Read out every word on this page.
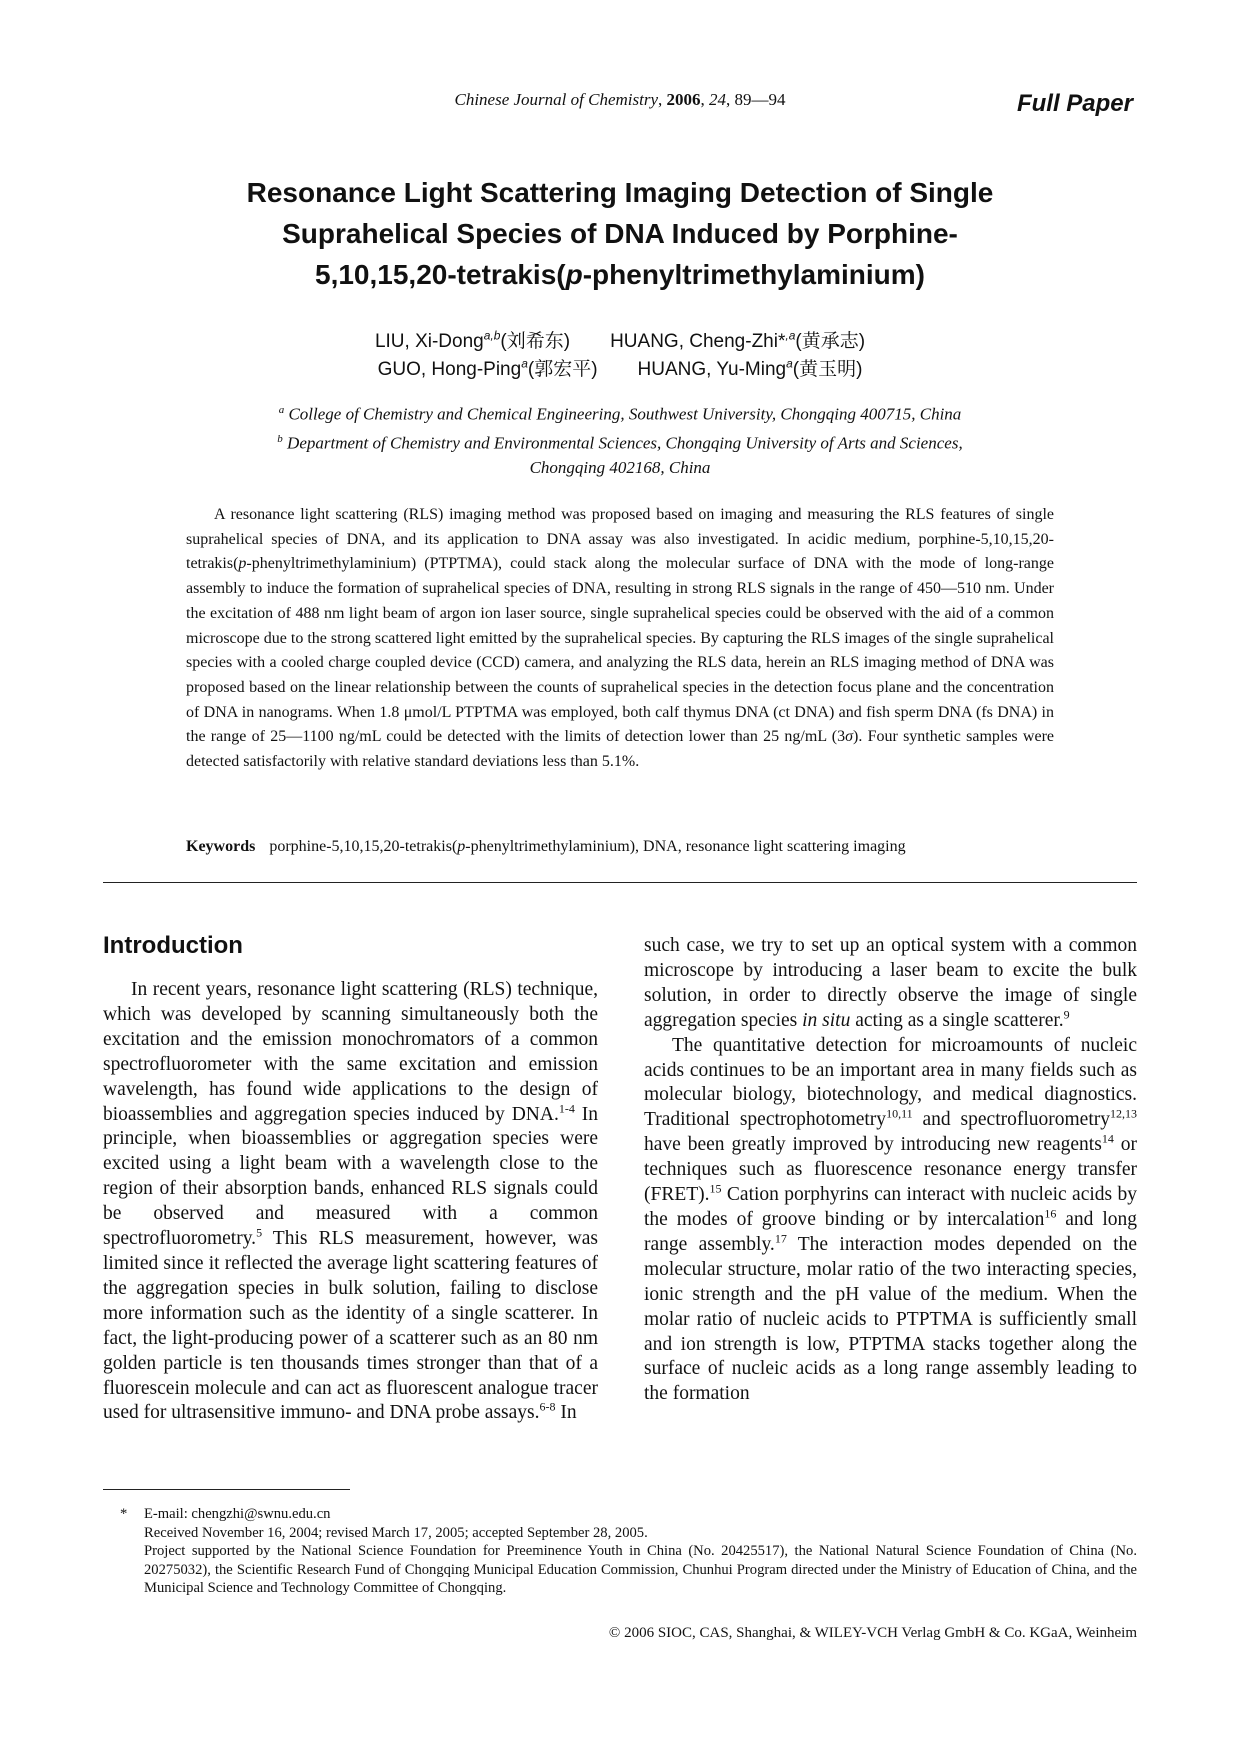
Chinese Journal of Chemistry, 2006, 24, 89—94	Full Paper
Resonance Light Scattering Imaging Detection of Single
Suprahelical Species of DNA Induced by Porphine-
5,10,15,20-tetrakis(p-phenyltrimethylaminium)
LIU, Xi-Dong$^{a,b}$(刘希东) HUANG, Cheng-Zhi*$^{,a}$(黄承志)
GUO, Hong-Ping$^a$(郭宏平) HUANG, Yu-Ming$^a$(黄玉明)
$^a$ College of Chemistry and Chemical Engineering, Southwest University, Chongqing 400715, China
$^b$ Department of Chemistry and Environmental Sciences, Chongqing University of Arts and Sciences,
Chongqing 402168, China
A resonance light scattering (RLS) imaging method was proposed based on imaging and measuring the RLS features of single suprahelical species of DNA, and its application to DNA assay was also investigated. In acidic medium, porphine-5,10,15,20-tetrakis(p-phenyltrimethylaminium) (PTPTMA), could stack along the molecular surface of DNA with the mode of long-range assembly to induce the formation of suprahelical species of DNA, resulting in strong RLS signals in the range of 450—510 nm. Under the excitation of 488 nm light beam of argon ion laser source, single suprahelical species could be observed with the aid of a common microscope due to the strong scattered light emitted by the suprahelical species. By capturing the RLS images of the single suprahelical species with a cooled charge coupled device (CCD) camera, and analyzing the RLS data, herein an RLS imaging method of DNA was proposed based on the linear relationship between the counts of suprahelical species in the detection focus plane and the concentration of DNA in nanograms. When 1.8 μmol/L PTPTMA was employed, both calf thymus DNA (ct DNA) and fish sperm DNA (fs DNA) in the range of 25—1100 ng/mL could be detected with the limits of detection lower than 25 ng/mL (3σ). Four synthetic samples were detected satisfactorily with relative standard deviations less than 5.1%.
Keywords porphine-5,10,15,20-tetrakis(p-phenyltrimethylaminium), DNA, resonance light scattering imaging
Introduction

In recent years, resonance light scattering (RLS) technique, which was developed by scanning simultaneously both the excitation and the emission monochromators of a common spectrofluorometer with the same excitation and emission wavelength, has found wide applications to the design of bioassemblies and aggregation species induced by DNA.$^{1-4}$ In principle, when bioassemblies or aggregation species were excited using a light beam with a wavelength close to the region of their absorption bands, enhanced RLS signals could be observed and measured with a common spectrofluorometry.$^5$ This RLS measurement, however, was limited since it reflected the average light scattering features of the aggregation species in bulk solution, failing to disclose more information such as the identity of a single scatterer. In fact, the light-producing power of a scatterer such as an 80 nm golden particle is ten thousands times stronger than that of a fluorescein molecule and can act as fluorescent analogue tracer used for ultrasensitive immuno- and DNA probe assays.$^{6-8}$ In

such case, we try to set up an optical system with a common microscope by introducing a laser beam to excite the bulk solution, in order to directly observe the image of single aggregation species in situ acting as a single scatterer.$^9$

The quantitative detection for microamounts of nucleic acids continues to be an important area in many fields such as molecular biology, biotechnology, and medical diagnostics. Traditional spectrophotometry$^{10,11}$ and spectrofluorometry$^{12,13}$ have been greatly improved by introducing new reagents$^{14}$ or techniques such as fluorescence resonance energy transfer (FRET).$^{15}$ Cation porphyrins can interact with nucleic acids by the modes of groove binding or by intercalation$^{16}$ and long range assembly.$^{17}$ The interaction modes depended on the molecular structure, molar ratio of the two interacting species, ionic strength and the pH value of the medium. When the molar ratio of nucleic acids to PTPTMA is sufficiently small and ion strength is low, PTPTMA stacks together along the surface of nucleic acids as a long range assembly leading to the formation

* E-mail: chengzhi@swnu.edu.cn
Received November 16, 2004; revised March 17, 2005; accepted September 28, 2005.
Project supported by the National Science Foundation for Preeminence Youth in China (No. 20425517), the National Natural Science Foundation of China (No. 20275032), the Scientific Research Fund of Chongqing Municipal Education Commission, Chunhui Program directed under the Ministry of Education of China, and the Municipal Science and Technology Committee of Chongqing.
© 2006 SIOC, CAS, Shanghai, & WILEY-VCH Verlag GmbH & Co. KGaA, Weinheim
